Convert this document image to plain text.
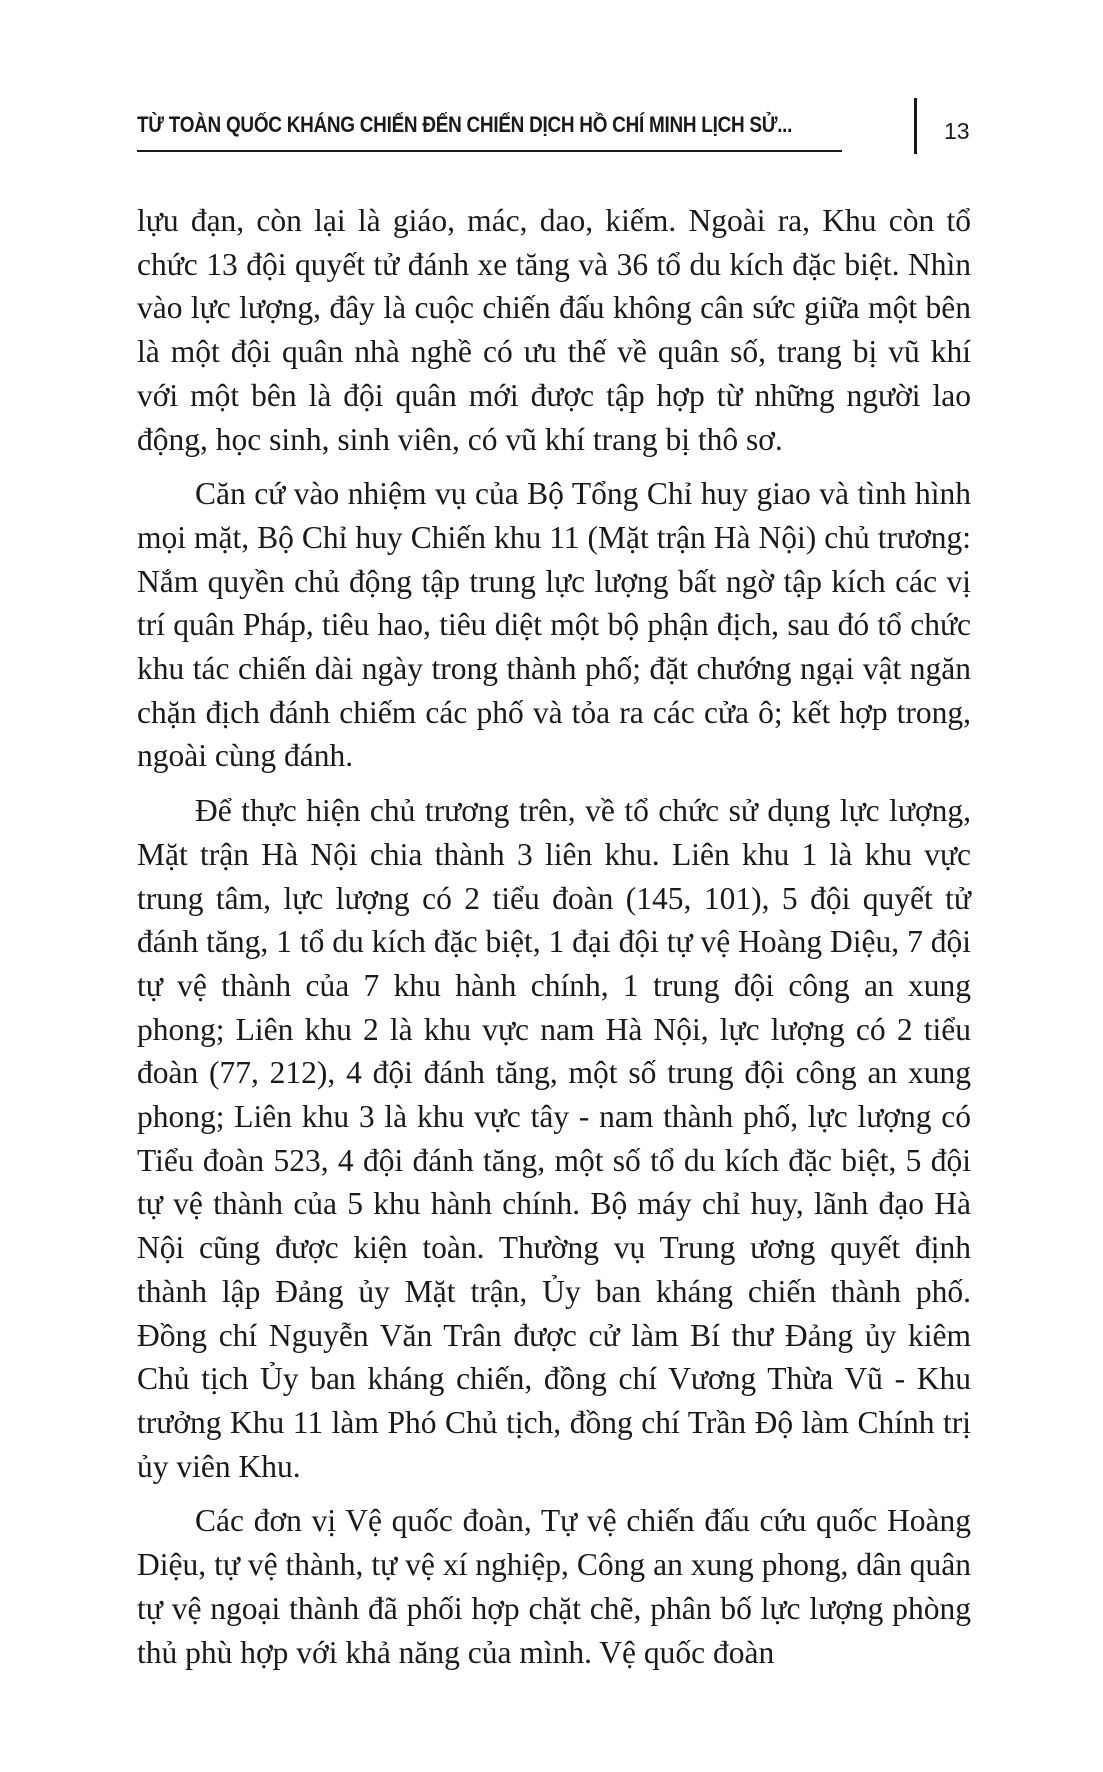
TỪ TOÀN QUỐC KHÁNG CHIẾN ĐẾN CHIẾN DỊCH HỒ CHÍ MINH LỊCH SỬ...	13

lựu đạn, còn lại là giáo, mác, dao, kiếm. Ngoài ra, Khu còn tổ chức 13 đội quyết tử đánh xe tăng và 36 tổ du kích đặc biệt. Nhìn vào lực lượng, đây là cuộc chiến đấu không cân sức giữa một bên là một đội quân nhà nghề có ưu thế về quân số, trang bị vũ khí với một bên là đội quân mới được tập hợp từ những người lao động, học sinh, sinh viên, có vũ khí trang bị thô sơ.

Căn cứ vào nhiệm vụ của Bộ Tổng Chỉ huy giao và tình hình mọi mặt, Bộ Chỉ huy Chiến khu 11 (Mặt trận Hà Nội) chủ trương: Nắm quyền chủ động tập trung lực lượng bất ngờ tập kích các vị trí quân Pháp, tiêu hao, tiêu diệt một bộ phận địch, sau đó tổ chức khu tác chiến dài ngày trong thành phố; đặt chướng ngại vật ngăn chặn địch đánh chiếm các phố và tỏa ra các cửa ô; kết hợp trong, ngoài cùng đánh.

Để thực hiện chủ trương trên, về tổ chức sử dụng lực lượng, Mặt trận Hà Nội chia thành 3 liên khu. Liên khu 1 là khu vực trung tâm, lực lượng có 2 tiểu đoàn (145, 101), 5 đội quyết tử đánh tăng, 1 tổ du kích đặc biệt, 1 đại đội tự vệ Hoàng Diệu, 7 đội tự vệ thành của 7 khu hành chính, 1 trung đội công an xung phong; Liên khu 2 là khu vực nam Hà Nội, lực lượng có 2 tiểu đoàn (77, 212), 4 đội đánh tăng, một số trung đội công an xung phong; Liên khu 3 là khu vực tây - nam thành phố, lực lượng có Tiểu đoàn 523, 4 đội đánh tăng, một số tổ du kích đặc biệt, 5 đội tự vệ thành của 5 khu hành chính. Bộ máy chỉ huy, lãnh đạo Hà Nội cũng được kiện toàn. Thường vụ Trung ương quyết định thành lập Đảng ủy Mặt trận, Ủy ban kháng chiến thành phố. Đồng chí Nguyễn Văn Trân được cử làm Bí thư Đảng ủy kiêm Chủ tịch Ủy ban kháng chiến, đồng chí Vương Thừa Vũ - Khu trưởng Khu 11 làm Phó Chủ tịch, đồng chí Trần Độ làm Chính trị ủy viên Khu.

Các đơn vị Vệ quốc đoàn, Tự vệ chiến đấu cứu quốc Hoàng Diệu, tự vệ thành, tự vệ xí nghiệp, Công an xung phong, dân quân tự vệ ngoại thành đã phối hợp chặt chẽ, phân bố lực lượng phòng thủ phù hợp với khả năng của mình. Vệ quốc đoàn
